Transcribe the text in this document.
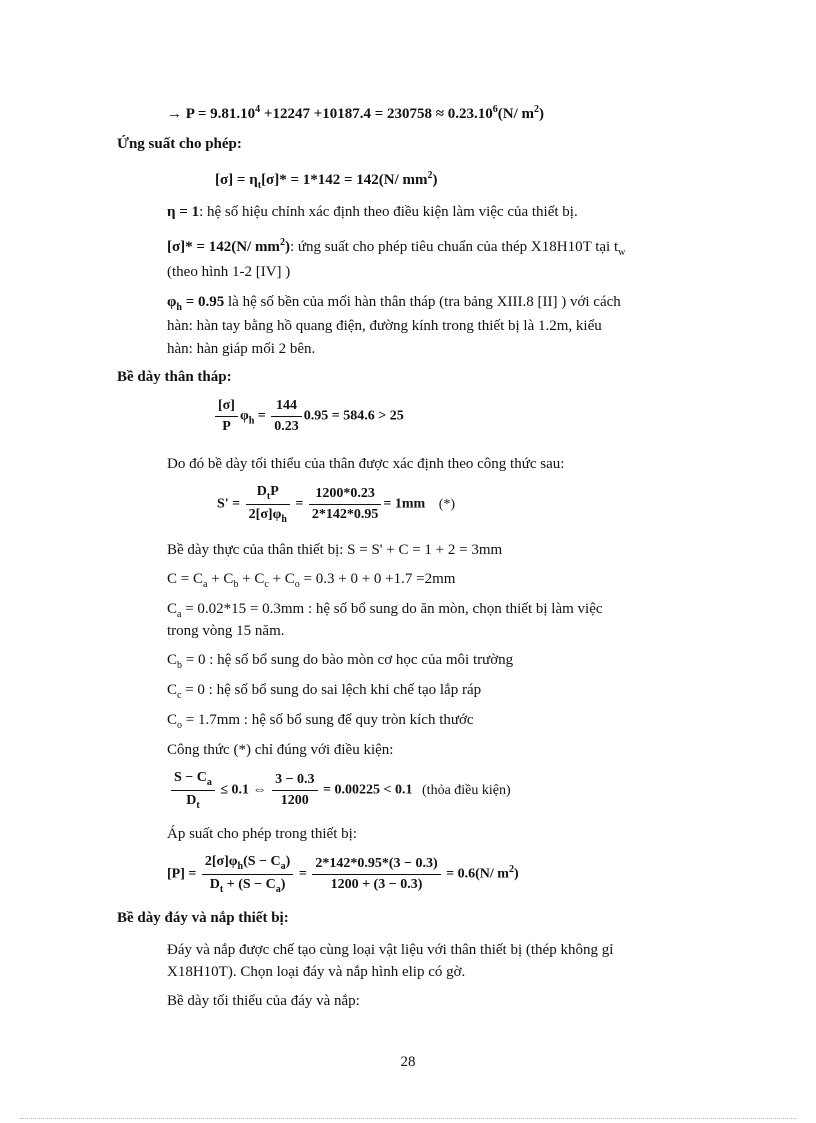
→ $P = 9.81.10^4 +12247 +10187.4 = 230758 \approx 0.23.10^6(N/$ $m^2$)
Ứng suất cho phép:
$[\sigma] = \eta_t[\sigma]* = 1*142 = 142(N/$ $mm^2$)
η = 1: hệ số hiệu chỉnh xác định theo điều kiện làm việc của thiết bị.
[σ]* = 142(N/ $mm^2$): ứng suất cho phép tiêu chuẩn của thép X18H10T tại $t_w$
(theo hình 1-2 [IV] )
$\varphi_h = 0.95$ là hệ số bền của mối hàn thân tháp (tra bảng XIII.8 [II] ) với cách
hàn: hàn tay bằng hồ quang điện, đường kính trong thiết bị là 1.2m, kiểu
hàn: hàn giáp mối 2 bên.
Bề dày thân tháp:
$\frac{[\sigma]}{P} \varphi_h = \frac{144}{0.23} 0.95 = 584.6 > 25$
Do đó bề dày tối thiểu của thân được xác định theo công thức sau:
$S' = \frac{D_tP}{2[\sigma]\varphi_h} = \frac{1200*0.23}{2*142*0.95} = 1mm$ (*)
Bề dày thực của thân thiết bị: S = S' + C = 1 + 2 = 3mm
$C = C_a + C_b + C_c + C_o = 0.3 + 0 + 0 +1.7 =2mm$
$C_a = 0.02*15 = 0.3mm$ : hệ số bổ sung do ăn mòn, chọn thiết bị làm việc
trong vòng 15 năm.
$C_b = 0$ : hệ số bổ sung do bào mòn cơ học của môi trường
$C_c = 0$ : hệ số bổ sung do sai lệch khi chế tạo lắp ráp
$C_o = 1.7mm$ : hệ số bổ sung để quy tròn kích thước
Công thức (*) chỉ đúng với điều kiện:
$\frac{S - C_a}{D_t} \le 0.1$ ⇔ $\frac{3 - 0.3}{1200} = 0.00225 < 0.1$ (thỏa điều kiện)
Áp suất cho phép trong thiết bị:
$[P] = \frac{2[\sigma]\varphi_h(S - C_a)}{D_t + (S - C_a)} = \frac{2*142*0.95*(3 - 0.3)}{1200 + (3 - 0.3)} = 0.6(N/$ $m^2$)
Bề dày đáy và nắp thiết bị:
Đáy và nắp được chế tạo cùng loại vật liệu với thân thiết bị (thép không gỉ
X18H10T). Chọn loại đáy và nắp hình elip có gờ.
Bề dày tối thiểu của đáy và nắp:
28
